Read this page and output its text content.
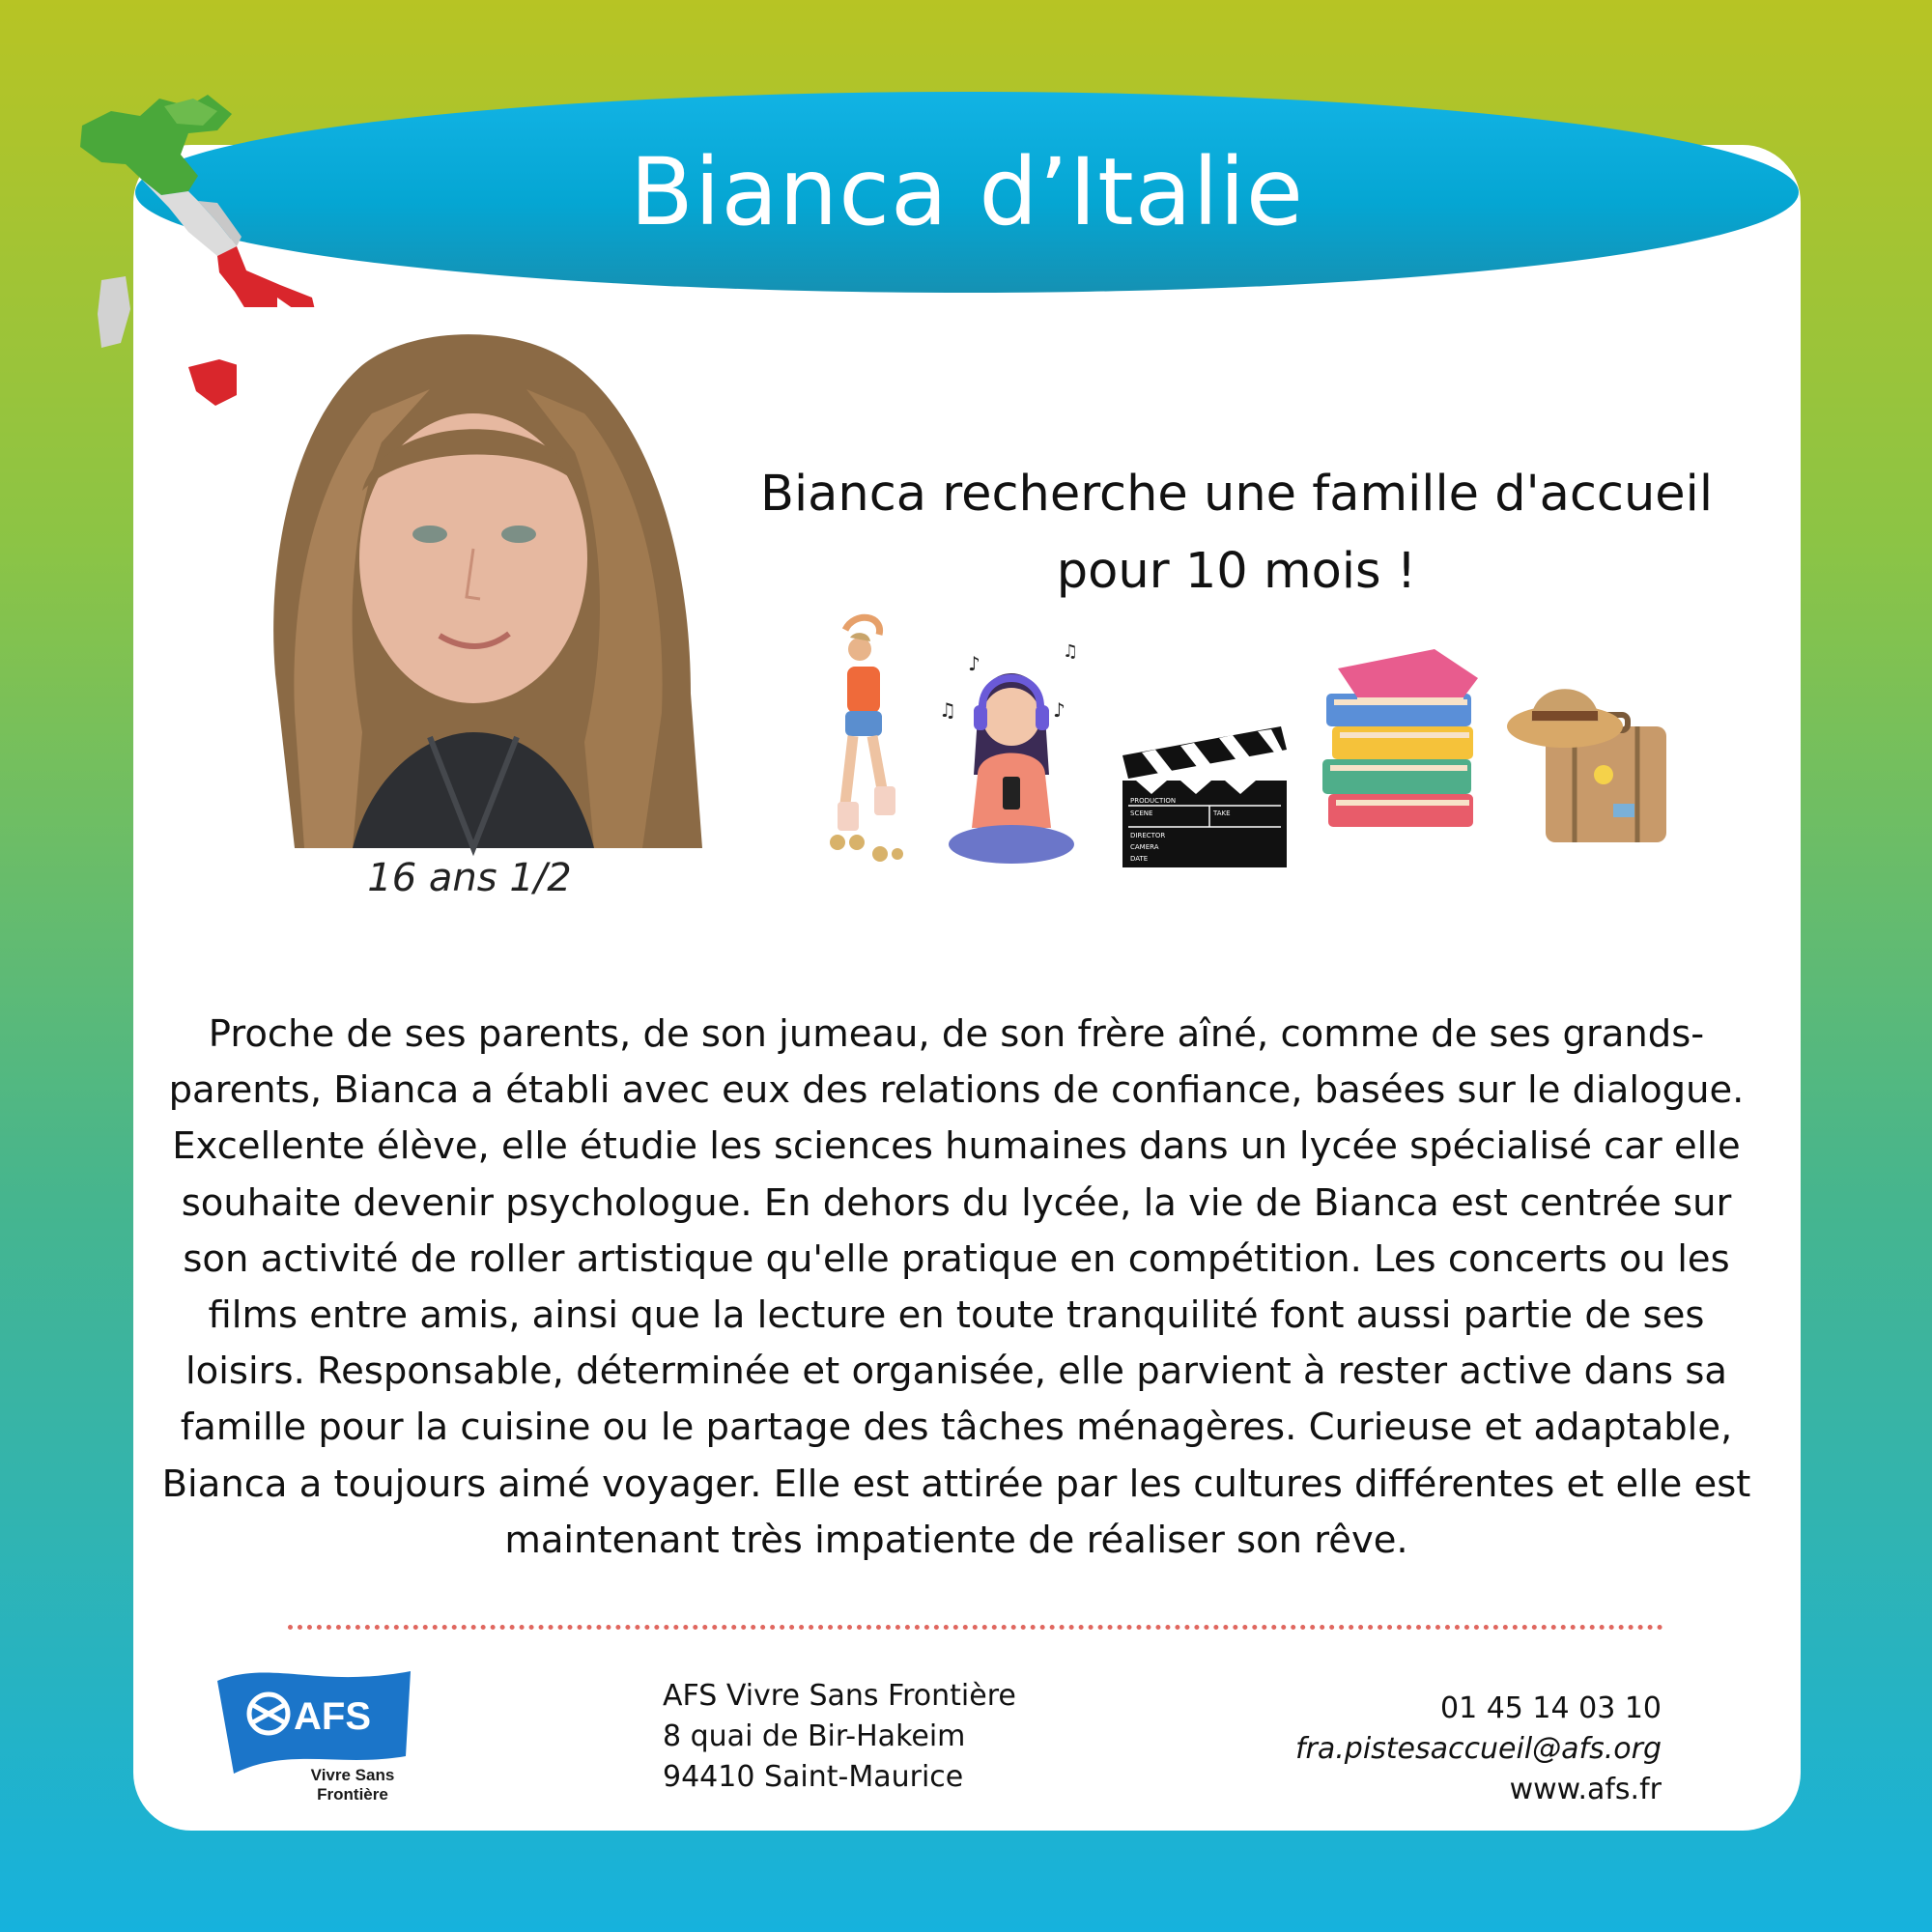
Bianca d’Italie
16 ans 1/2
Bianca recherche une famille d'accueil pour 10 mois !
♪
♫	♪
♫
PRODUCTION
SCENE	TAKE
DIRECTOR
CAMERA
DATE

Proche de ses parents, de son jumeau, de son frère aîné, comme de ses grands-parents, Bianca a établi avec eux des relations de confiance, basées sur le dialogue. Excellente élève, elle étudie les sciences humaines dans un lycée spécialisé car elle souhaite devenir psychologue. En dehors du lycée, la vie de Bianca est centrée sur son activité de roller artistique qu'elle pratique en compétition. Les concerts ou les films entre amis, ainsi que la lecture en toute tranquilité font aussi partie de ses loisirs. Responsable, déterminée et organisée, elle parvient à rester active dans sa famille pour la cuisine ou le partage des tâches ménagères. Curieuse et adaptable, Bianca a toujours aimé voyager. Elle est attirée par les cultures différentes et elle est maintenant très impatiente de réaliser son rêve.

AFS
Vivre Sans
Frontière
AFS Vivre Sans Frontière
8 quai de Bir-Hakeim
94410 Saint-Maurice
01 45 14 03 10
fra.pistesaccueil@afs.org
www.afs.fr
